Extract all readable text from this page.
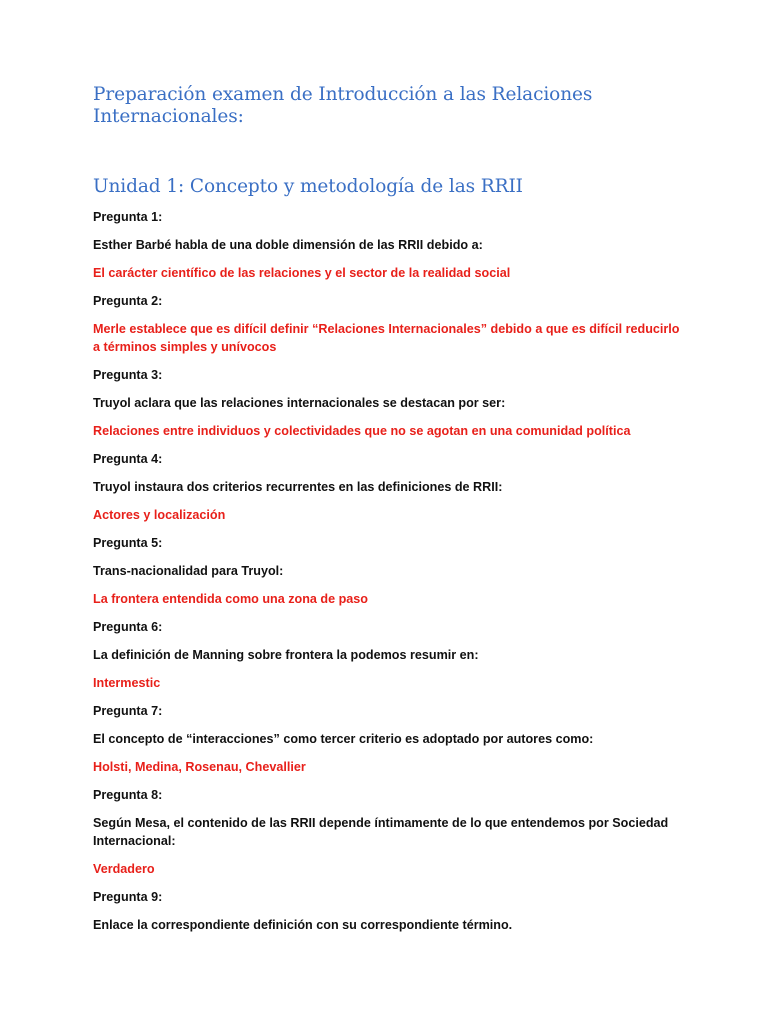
Preparación examen de Introducción a las Relaciones Internacionales:
Unidad 1: Concepto y metodología de las RRII

Pregunta 1:

Esther Barbé habla de una doble dimensión de las RRII debido a:

El carácter científico de las relaciones y el sector de la realidad social

Pregunta 2:

Merle establece que es difícil definir “Relaciones Internacionales” debido a que es difícil reducirlo a términos simples y unívocos

Pregunta 3:

Truyol aclara que las relaciones internacionales se destacan por ser:

Relaciones entre individuos y colectividades que no se agotan en una comunidad política

Pregunta 4:

Truyol instaura dos criterios recurrentes en las definiciones de RRII:

Actores y localización

Pregunta 5:

Trans-nacionalidad para Truyol:

La frontera entendida como una zona de paso

Pregunta 6:

La definición de Manning sobre frontera la podemos resumir en:

Intermestic

Pregunta 7:

El concepto de “interacciones” como tercer criterio es adoptado por autores como:

Holsti, Medina, Rosenau, Chevallier

Pregunta 8:

Según Mesa, el contenido de las RRII depende íntimamente de lo que entendemos por Sociedad Internacional:

Verdadero

Pregunta 9:

Enlace la correspondiente definición con su correspondiente término.
